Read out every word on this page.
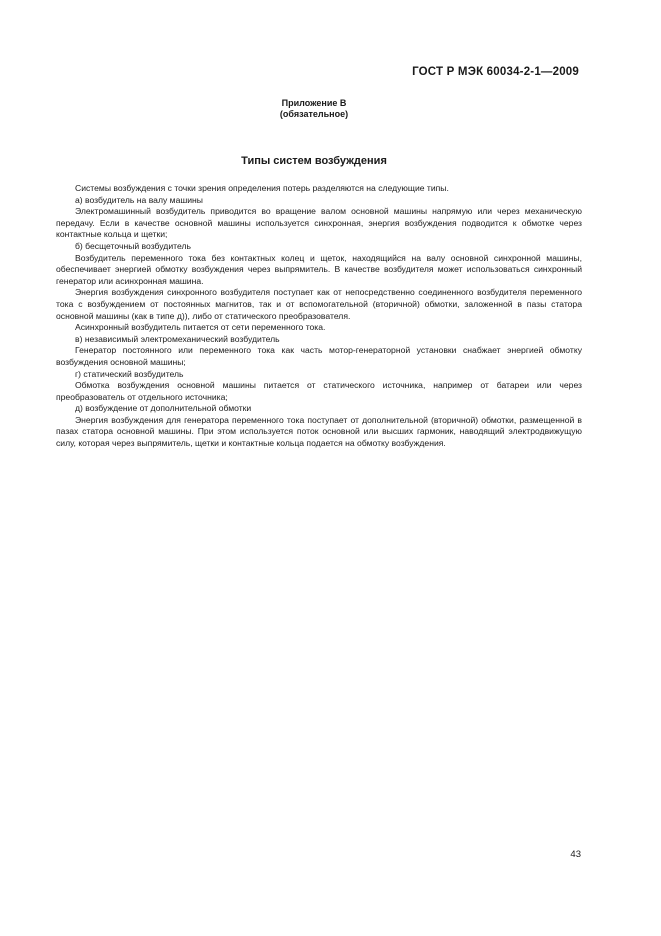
ГОСТ Р МЭК 60034-2-1—2009
Приложение В
(обязательное)
Типы систем возбуждения

Системы возбуждения с точки зрения определения потерь разделяются на следующие типы.

а) возбудитель на валу машины

Электромашинный возбудитель приводится во вращение валом основной машины напрямую или через механическую передачу. Если в качестве основной машины используется синхронная, энергия возбуждения подводится к обмотке через контактные кольца и щетки;

б) бесщеточный возбудитель

Возбудитель переменного тока без контактных колец и щеток, находящийся на валу основной синхронной машины, обеспечивает энергией обмотку возбуждения через выпрямитель. В качестве возбудителя может использоваться синхронный генератор или асинхронная машина.

Энергия возбуждения синхронного возбудителя поступает как от непосредственно соединенного возбудителя переменного тока с возбуждением от постоянных магнитов, так и от вспомогательной (вторичной) обмотки, заложенной в пазы статора основной машины (как в типе д)), либо от статического преобразователя.

Асинхронный возбудитель питается от сети переменного тока.

в) независимый электромеханический возбудитель

Генератор постоянного или переменного тока как часть мотор-генераторной установки снабжает энергией обмотку возбуждения основной машины;

г) статический возбудитель

Обмотка возбуждения основной машины питается от статического источника, например от батареи или через преобразователь от отдельного источника;

д) возбуждение от дополнительной обмотки

Энергия возбуждения для генератора переменного тока поступает от дополнительной (вторичной) обмотки, размещенной в пазах статора основной машины. При этом используется поток основной или высших гармоник, наводящий электродвижущую силу, которая через выпрямитель, щетки и контактные кольца подается на обмотку возбуждения.

43
